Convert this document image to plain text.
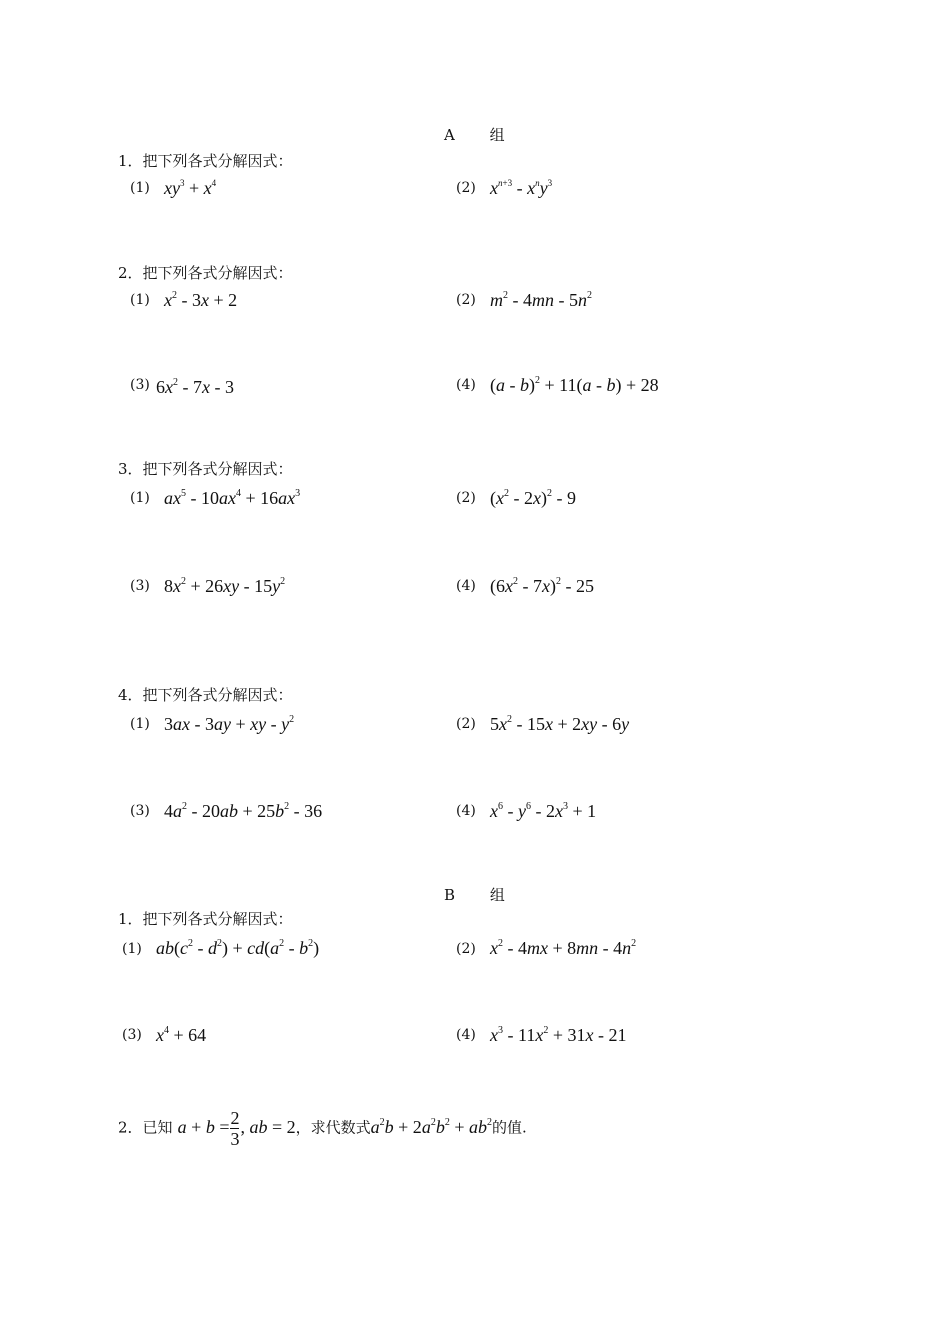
A 组
1．把下列各式分解因式：
(1) $xy^3 + x^4$	(2) $x^{n+3} - x^ny^3$
2．把下列各式分解因式：
(1) $x^2 - 3x + 2$	(2) $m^2 - 4mn - 5n^2$
(3) $6x^2 - 7x - 3$	(4) (a - b)$^2$ + 11(a - b) + 28
3．把下列各式分解因式：
(1) $ax^5 - 10ax^4 + 16ax^3$	(2) $(x^2 - 2x)^2 - 9$
(3) $8x^2 + 26xy - 15y^2$	(4) $(6x^2 - 7x)^2 - 25$
4．把下列各式分解因式：
(1) 3ax - 3ay + xy - $y^2$	(2) $5x^2 - 15x + 2xy - 6y$
(3) $4a^2 - 20ab + 25b^2 - 36$	(4) $x^6 - y^6 - 2x^3 + 1$
B 组
1．把下列各式分解因式：
(1) $ab(c^2 - d^2) + cd(a^2 - b^2)$	(2) $x^2 - 4mx + 8mn - 4n^2$
(3) $x^4 + 64$	(4) $x^3 - 11x^2 + 31x - 21$
2．已知 $a + b = \frac{2}{3}$ , ab = 2，求代数式$a^2b + 2a^2b^2 + ab^2$的值.
